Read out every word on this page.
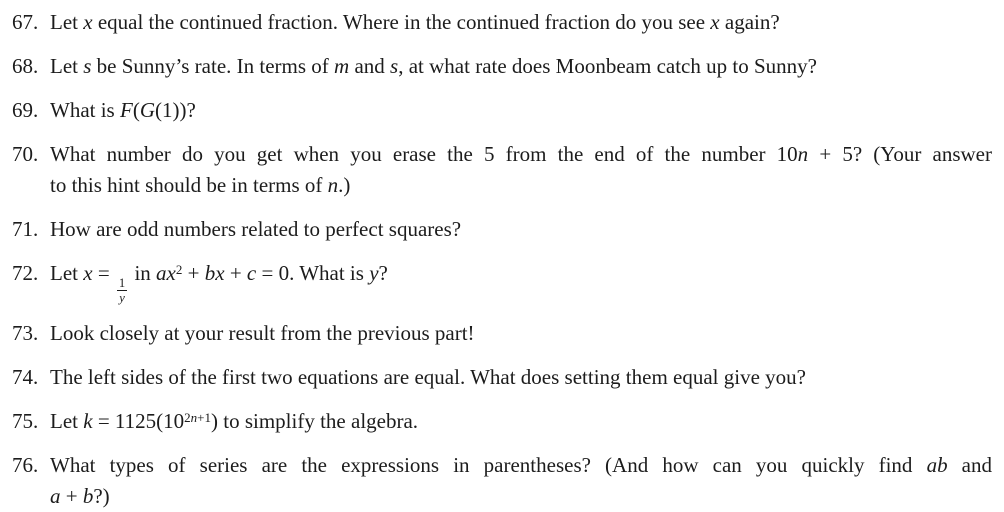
67. Let x equal the continued fraction. Where in the continued fraction do you see x again?
68. Let s be Sunny’s rate. In terms of m and s, at what rate does Moonbeam catch up to Sunny?
69. What is F(G(1))?
70. What number do you get when you erase the 5 from the end of the number 10n + 5? (Your answer
to this hint should be in terms of n.)
71. How are odd numbers related to perfect squares?
72. Let x =
$\frac{1}{y}$
in $ax^2$ + bx + c = 0. What is y?
73. Look closely at your result from the previous part!
74. The left sides of the first two equations are equal. What does setting them equal give you?
75. Let $k = 1125(10^{2n+1})$ to simplify the algebra.
76. What types of series are the expressions in parentheses? (And how can you quickly find ab and
a + b?)
